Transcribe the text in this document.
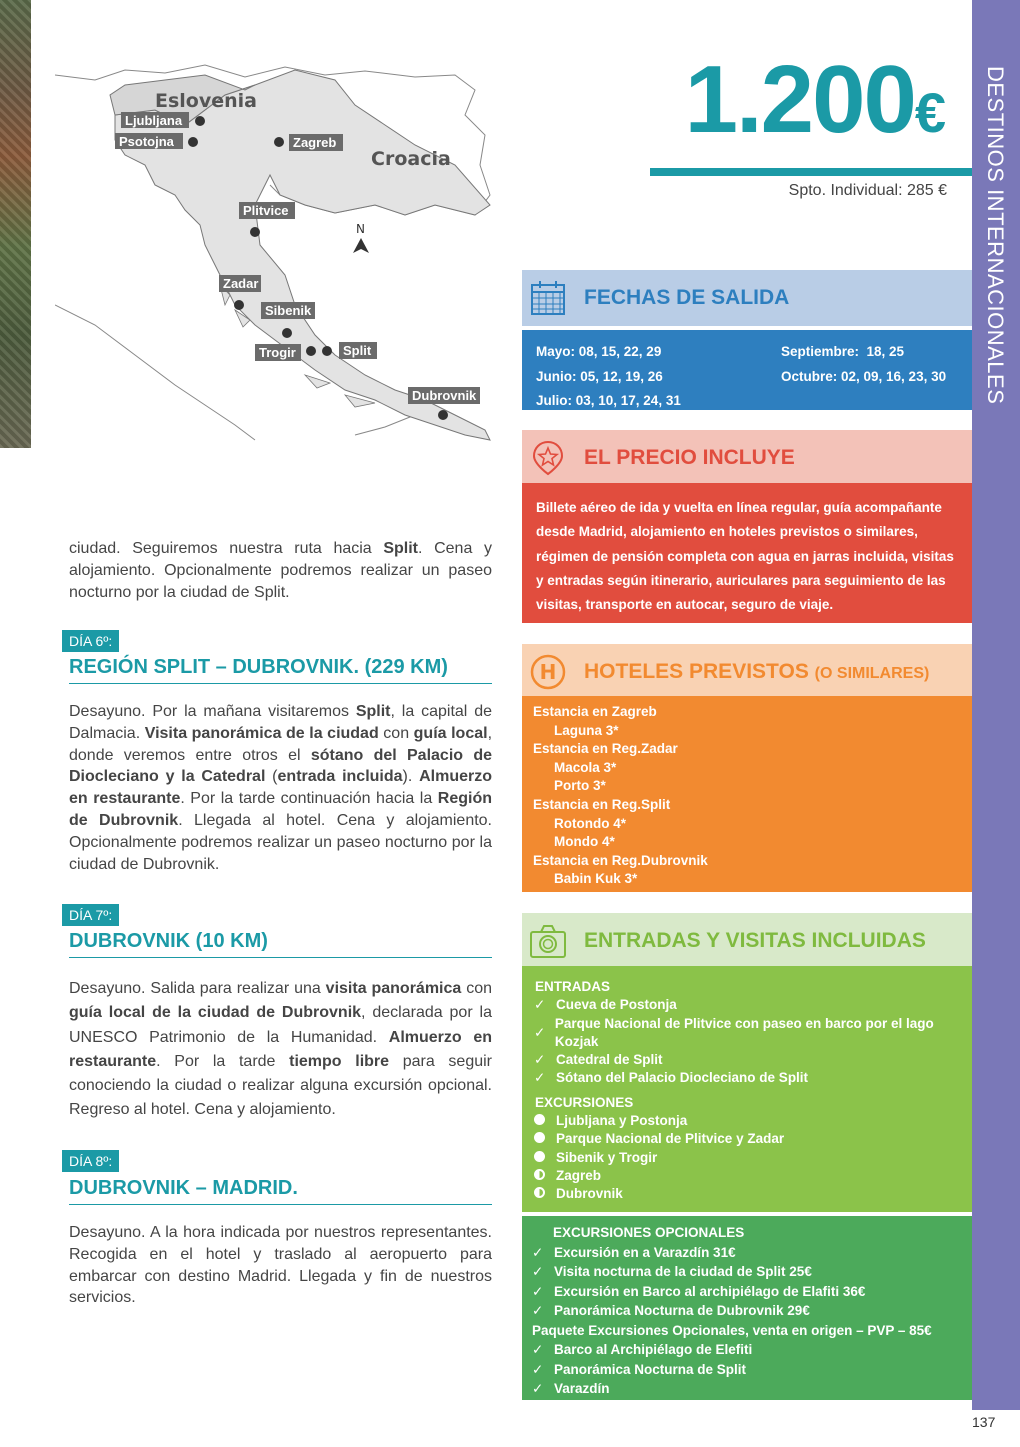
Eslovenia
Croacia
Ljubljana
Psotojna	Zagreb
Plitvice
Zadar
Sibenik
Trogir	Split
Dubrovnik
N
1.200€
Spto. Individual: 285 €
FECHAS DE SALIDA
Mayo: 08, 15, 22, 29
Junio: 05, 12, 19, 26
Julio: 03, 10, 17, 24, 31
Septiembre:  18, 25
Octubre: 02, 09, 16, 23, 30
EL PRECIO INCLUYE
Billete aéreo de ida y vuelta en línea regular, guía acompañante desde Madrid, alojamiento en hoteles previstos o similares, régimen de pensión completa con agua en jarras incluida, visitas y entradas según itinerario, auriculares para seguimiento de las visitas, transporte en autocar, seguro de viaje.
H HOTELES PREVISTOS (O SIMILARES)
Estancia en Zagreb
Laguna 3*
Estancia en Reg.Zadar
Macola 3*
Porto 3*
Estancia en Reg.Split
Rotondo 4*
Mondo 4*
Estancia en Reg.Dubrovnik
Babin Kuk 3*
ENTRADAS Y VISITAS INCLUIDAS
ENTRADAS
✓ Cueva de Postonja
✓
Parque Nacional de Plitvice con paseo en barco por el lago Kozjak
✓ Catedral de Split
✓ Sótano del Palacio Diocleciano de Split
EXCURSIONES
Ljubljana y Postonja
Parque Nacional de Plitvice y Zadar
Sibenik y Trogir
Zagreb
Dubrovnik
EXCURSIONES OPCIONALES
✓ Excursión en a Varazdín 31€
✓ Visita nocturna de la ciudad de Split 25€
✓ Excursión en Barco al archipiélago de Elafiti 36€
✓ Panorámica Nocturna de Dubrovnik 29€
Paquete Excursiones Opcionales, venta en origen – PVP – 85€
✓ Barco al Archipiélago de Elefiti
✓ Panorámica Nocturna de Split
✓ Varazdín
DESTINOS INTERNACIONALES
137
ciudad. Seguiremos nuestra ruta hacia Split. Cena y alojamiento. Opcionalmente podremos realizar un paseo nocturno por la ciudad de Split.
DÍA 6º:
REGIÓN SPLIT – DUBROVNIK. (229 KM)
Desayuno. Por la mañana visitaremos Split, la capital de Dalmacia. Visita panorámica de la ciudad con guía local, donde veremos entre otros el sótano del Palacio de Diocleciano y la Catedral (entrada incluida). Almuerzo en restaurante. Por la tarde continuación hacia la Región de Dubrovnik. Llegada al hotel. Cena y alojamiento. Opcionalmente podremos realizar un paseo nocturno por la ciudad de Dubrovnik.
DÍA 7º:
DUBROVNIK (10 KM)
Desayuno. Salida para realizar una visita panorámica con guía local de la ciudad de Dubrovnik, declarada por la UNESCO Patrimonio de la Humanidad. Almuerzo en restaurante. Por la tarde tiempo libre para seguir conociendo la ciudad o realizar alguna excursión opcional. Regreso al hotel. Cena y alojamiento.
DÍA 8º:
DUBROVNIK – MADRID.
Desayuno. A la hora indicada por nuestros representantes. Recogida en el hotel y traslado al aeropuerto para embarcar con destino Madrid. Llegada y fin de nuestros servicios.
